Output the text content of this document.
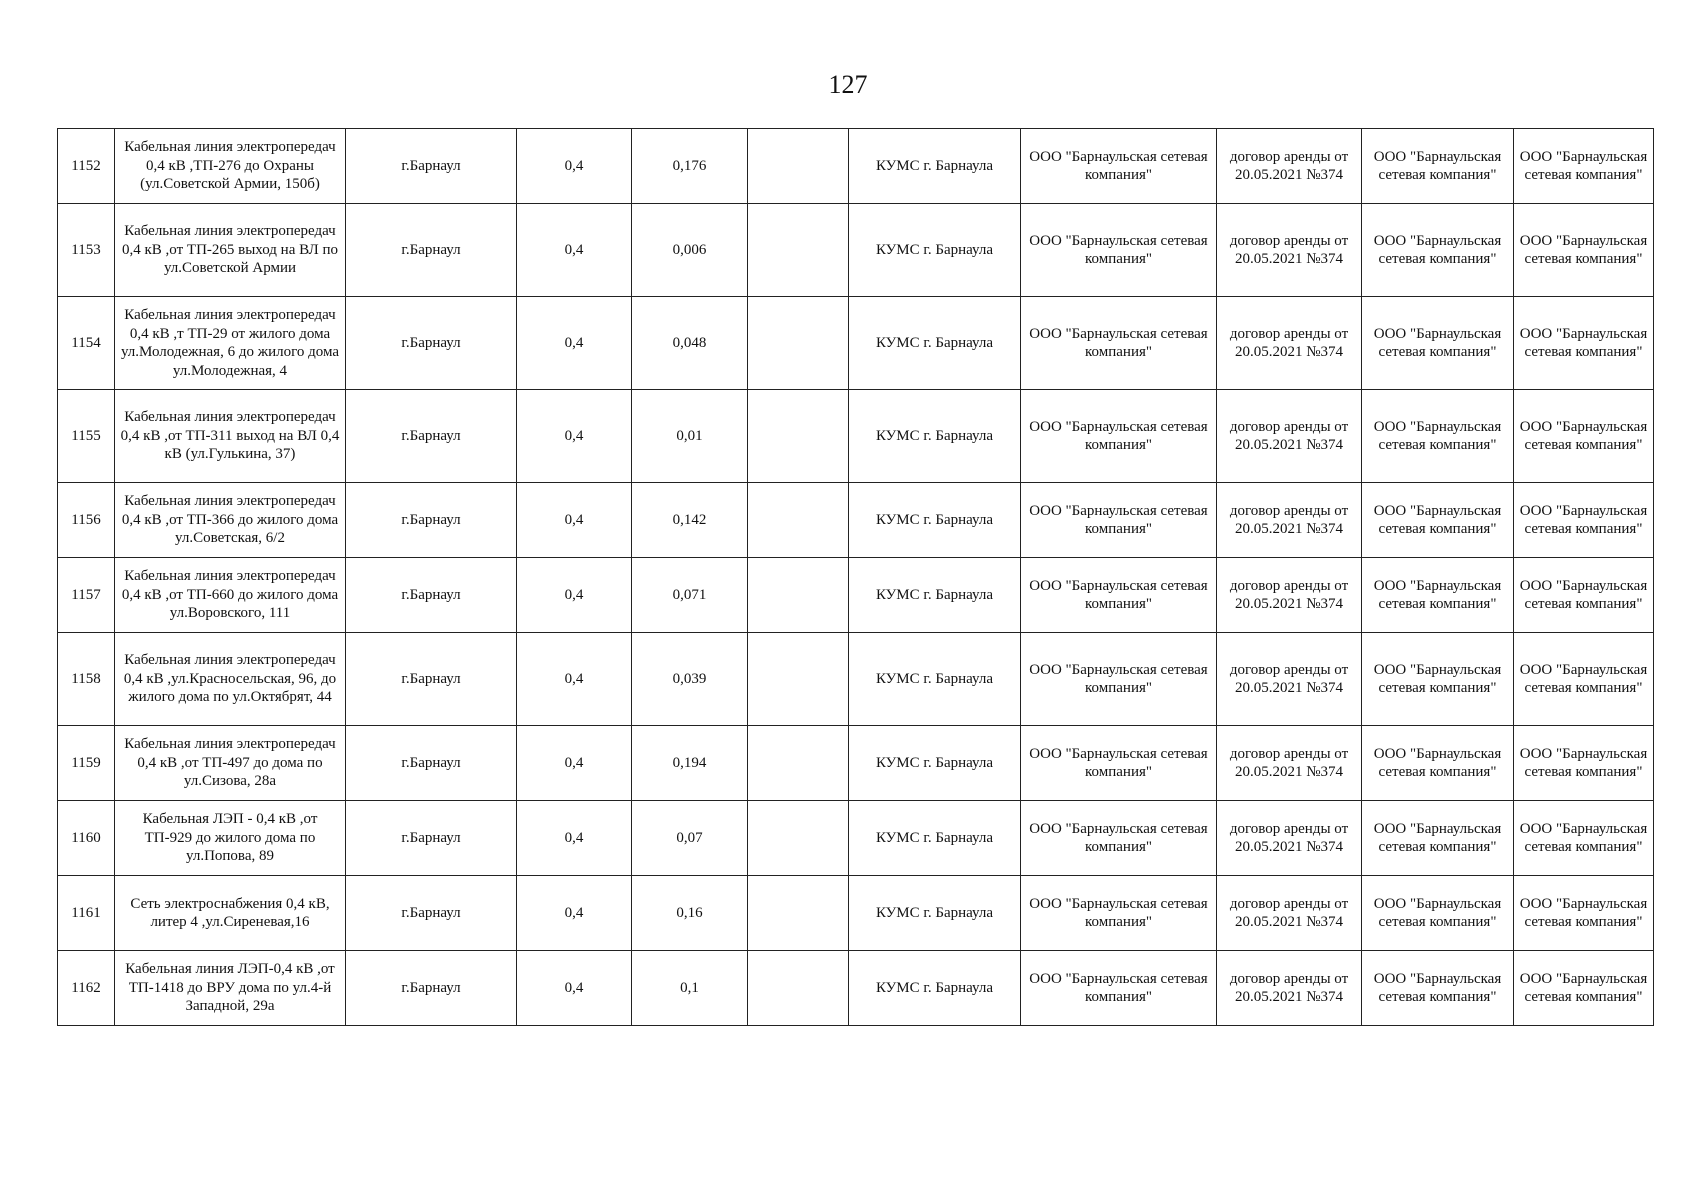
127
1152	Кабельная линия электропередач 0,4 кВ ,ТП-276 до Охраны (ул.Советской Армии, 150б)	г.Барнаул	0,4	0,176		КУМС г. Барнаула	ООО "Барнаульская сетевая компания"	договор аренды от 20.05.2021 №374	ООО "Барнаульская сетевая компания"	ООО "Барнаульская сетевая компания"
1153	Кабельная линия электропередач 0,4 кВ ,от ТП-265 выход на ВЛ по ул.Советской Армии	г.Барнаул	0,4	0,006		КУМС г. Барнаула	ООО "Барнаульская сетевая компания"	договор аренды от 20.05.2021 №374	ООО "Барнаульская сетевая компания"	ООО "Барнаульская сетевая компания"
1154	Кабельная линия электропередач 0,4 кВ ,т ТП-29 от жилого дома ул.Молодежная, 6 до жилого дома ул.Молодежная, 4	г.Барнаул	0,4	0,048		КУМС г. Барнаула	ООО "Барнаульская сетевая компания"	договор аренды от 20.05.2021 №374	ООО "Барнаульская сетевая компания"	ООО "Барнаульская сетевая компания"
1155	Кабельная линия электропередач 0,4 кВ ,от ТП-311 выход на ВЛ 0,4 кВ (ул.Гулькина, 37)	г.Барнаул	0,4	0,01		КУМС г. Барнаула	ООО "Барнаульская сетевая компания"	договор аренды от 20.05.2021 №374	ООО "Барнаульская сетевая компания"	ООО "Барнаульская сетевая компания"
1156	Кабельная линия электропередач 0,4 кВ ,от ТП-366 до жилого дома ул.Советская, 6/2	г.Барнаул	0,4	0,142		КУМС г. Барнаула	ООО "Барнаульская сетевая компания"	договор аренды от 20.05.2021 №374	ООО "Барнаульская сетевая компания"	ООО "Барнаульская сетевая компания"
1157	Кабельная линия электропередач 0,4 кВ ,от ТП-660 до жилого дома ул.Воровского, 111	г.Барнаул	0,4	0,071		КУМС г. Барнаула	ООО "Барнаульская сетевая компания"	договор аренды от 20.05.2021 №374	ООО "Барнаульская сетевая компания"	ООО "Барнаульская сетевая компания"
1158	Кабельная линия электропередач 0,4 кВ ,ул.Красносельская, 96, до жилого дома по ул.Октябрят, 44	г.Барнаул	0,4	0,039		КУМС г. Барнаула	ООО "Барнаульская сетевая компания"	договор аренды от 20.05.2021 №374	ООО "Барнаульская сетевая компания"	ООО "Барнаульская сетевая компания"
1159	Кабельная линия электропередач 0,4 кВ ,от ТП-497 до дома по ул.Сизова, 28а	г.Барнаул	0,4	0,194		КУМС г. Барнаула	ООО "Барнаульская сетевая компания"	договор аренды от 20.05.2021 №374	ООО "Барнаульская сетевая компания"	ООО "Барнаульская сетевая компания"
1160	Кабельная ЛЭП - 0,4 кВ ,от ТП-929 до жилого дома по ул.Попова, 89	г.Барнаул	0,4	0,07		КУМС г. Барнаула	ООО "Барнаульская сетевая компания"	договор аренды от 20.05.2021 №374	ООО "Барнаульская сетевая компания"	ООО "Барнаульская сетевая компания"
1161	Сеть электроснабжения 0,4 кВ, литер 4 ,ул.Сиреневая,16	г.Барнаул	0,4	0,16		КУМС г. Барнаула	ООО "Барнаульская сетевая компания"	договор аренды от 20.05.2021 №374	ООО "Барнаульская сетевая компания"	ООО "Барнаульская сетевая компания"
1162	Кабельная линия ЛЭП-0,4 кВ ,от ТП-1418 до ВРУ дома по ул.4-й Западной, 29а	г.Барнаул	0,4	0,1		КУМС г. Барнаула	ООО "Барнаульская сетевая компания"	договор аренды от 20.05.2021 №374	ООО "Барнаульская сетевая компания"	ООО "Барнаульская сетевая компания"
